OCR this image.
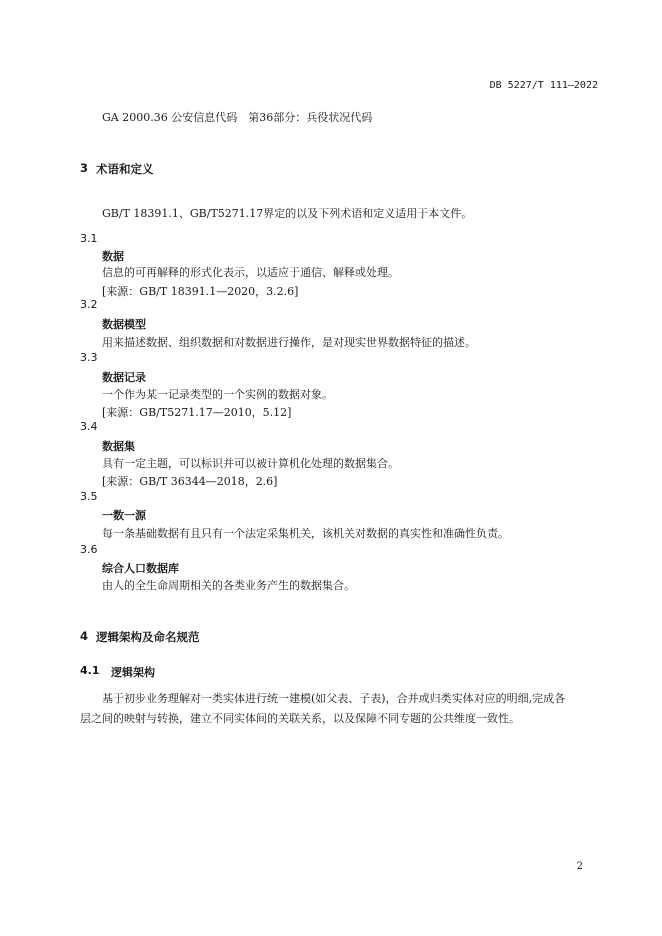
DB 5227/T 111—2022
GA 2000.36 公安信息代码　第36部分：兵役状况代码
3 术语和定义
GB/T 18391.1、GB/T5271.17界定的以及下列术语和定义适用于本文件。
3.1
数据
信息的可再解释的形式化表示，以适应于通信、解释或处理。
[来源：GB/T 18391.1—2020，3.2.6]
3.2
数据模型
用来描述数据、组织数据和对数据进行操作，是对现实世界数据特征的描述。
3.3
数据记录
一个作为某一记录类型的一个实例的数据对象。
[来源：GB/T5271.17—2010，5.12]
3.4
数据集
具有一定主题，可以标识并可以被计算机化处理的数据集合。
[来源：GB/T 36344—2018，2.6]
3.5
一数一源
每一条基础数据有且只有一个法定采集机关，该机关对数据的真实性和准确性负责。
3.6
综合人口数据库
由人的全生命周期相关的各类业务产生的数据集合。
4 逻辑架构及命名规范
4.1 逻辑架构
基于初步业务理解对一类实体进行统一建模(如父表、子表)，合并或归类实体对应的明细,完成各
层之间的映射与转换，建立不同实体间的关联关系，以及保障不同专题的公共维度一致性。
2
